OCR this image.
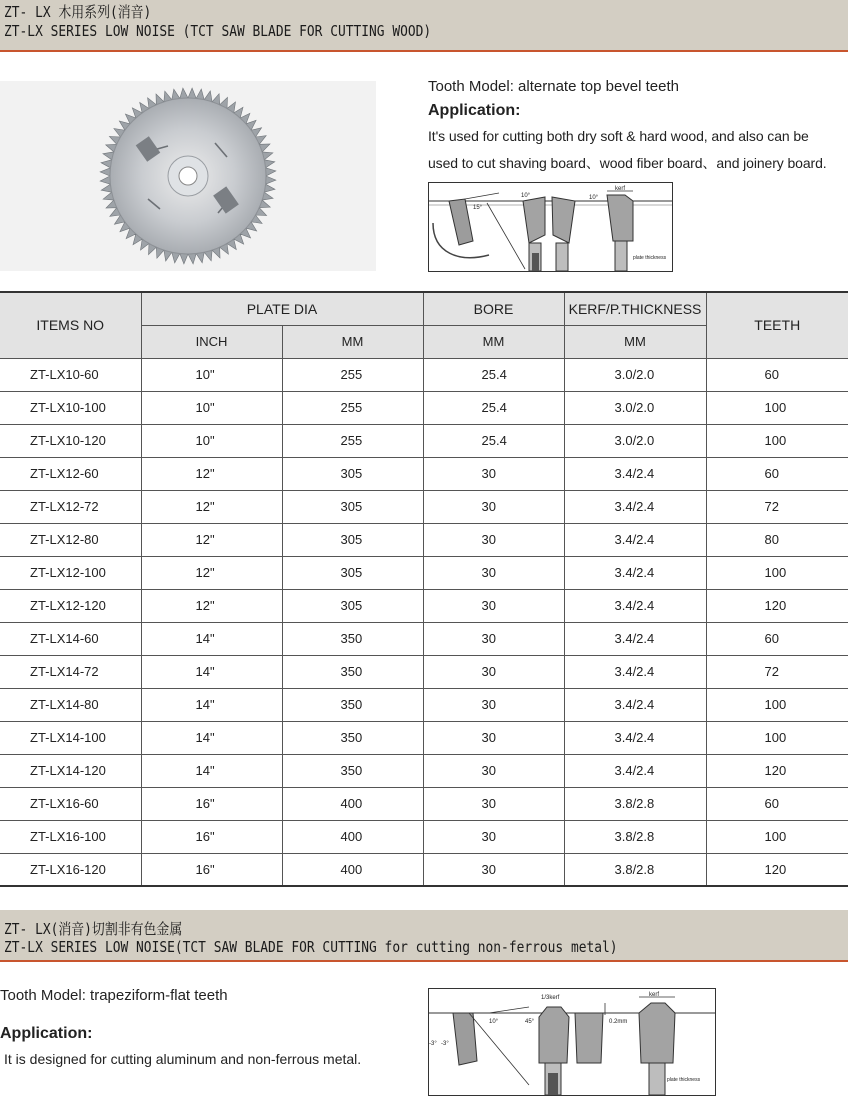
ZT- LX 木用系列(消音)
ZT-LX SERIES LOW NOISE (TCT SAW BLADE FOR CUTTING WOOD)
Tooth Model: alternate top bevel teeth
Application:
It's used for cutting both dry soft & hard wood, and also can be
used to cut shaving board、wood fiber board、and joinery board.
15°
10°	10°
kerf
plate thickness
ITEMS NO	PLATE DIA		BORE	KERF/P.THICKNESS	TEETH
	INCH	MM	MM	MM	
ZT-LX10-60	10"	255	25.4	3.0/2.0	60
ZT-LX10-100	10"	255	25.4	3.0/2.0	100
ZT-LX10-120	10"	255	25.4	3.0/2.0	100
ZT-LX12-60	12"	305	30	3.4/2.4	60
ZT-LX12-72	12"	305	30	3.4/2.4	72
ZT-LX12-80	12"	305	30	3.4/2.4	80
ZT-LX12-100	12"	305	30	3.4/2.4	100
ZT-LX12-120	12"	305	30	3.4/2.4	120
ZT-LX14-60	14"	350	30	3.4/2.4	60
ZT-LX14-72	14"	350	30	3.4/2.4	72
ZT-LX14-80	14"	350	30	3.4/2.4	100
ZT-LX14-100	14"	350	30	3.4/2.4	100
ZT-LX14-120	14"	350	30	3.4/2.4	120
ZT-LX16-60	16"	400	30	3.8/2.8	60
ZT-LX16-100	16"	400	30	3.8/2.8	100
ZT-LX16-120	16"	400	30	3.8/2.8	120
ZT- LX(消音)切割非有色金属
ZT-LX SERIES LOW NOISE(TCT SAW BLADE FOR CUTTING for cutting non-ferrous metal)
Tooth Model: trapeziform-flat teeth
Application:
It is designed for cutting aluminum and non-ferrous metal.
10°
-3° -3°
1/3kerf
45°	0.2mm
kerf
plate thickness
